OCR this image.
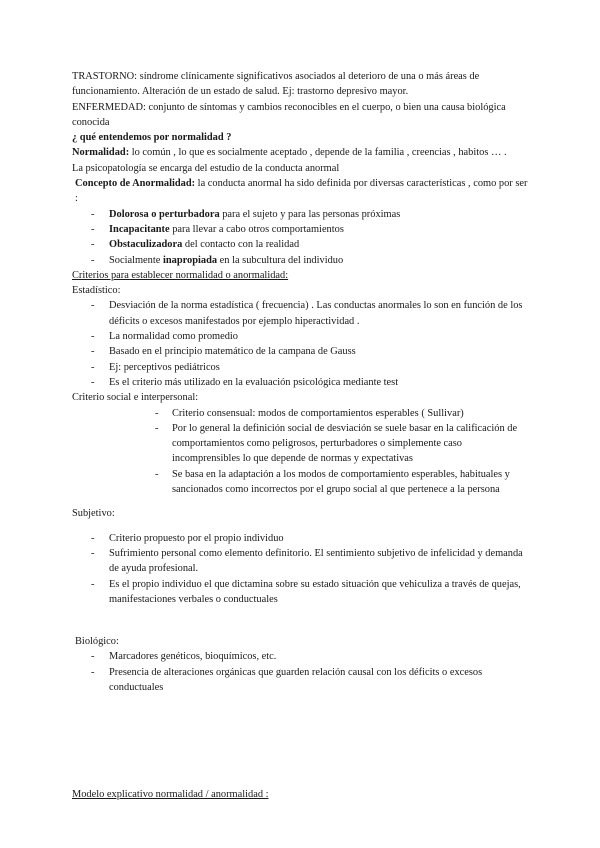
TRASTORNO: síndrome clínicamente significativos asociados al deterioro de una o más áreas de funcionamiento. Alteración de un estado de salud. Ej: trastorno depresivo mayor.

ENFERMEDAD: conjunto de síntomas y cambios reconocibles en el cuerpo, o bien una causa biológica conocida

¿ qué entendemos por normalidad ?

Normalidad: lo común , lo que es socialmente aceptado , depende de la familia , creencias , habitos … .

La psicopatología se encarga del estudio de la conducta anormal

Concepto de Anormalidad: la conducta anormal ha sido definida por diversas características , como por ser :

- Dolorosa o perturbadora para el sujeto y para las personas próximas
- Incapacitante para llevar a cabo otros comportamientos
- Obstaculizadora del contacto con la realidad
- Socialmente inapropiada en la subcultura del individuo

Criterios para establecer normalidad o anormalidad:

Estadístico:

- Desviación de la norma estadística ( frecuencia) . Las conductas anormales lo son en función de los déficits o excesos manifestados por ejemplo hiperactividad .
- La normalidad como promedio
- Basado en el principio matemático de la campana de Gauss
- Ej: perceptivos pediátricos
- Es el criterio más utilizado en la evaluación psicológica mediante test

Criterio social e interpersonal:

- Criterio consensual: modos de comportamientos esperables ( Sullivar)
- Por lo general la definición social de desviación se suele basar en la calificación de comportamientos como peligrosos, perturbadores o simplemente caso incomprensibles lo que depende de normas y expectativas
- Se basa en la adaptación a los modos de comportamiento esperables, habituales y sancionados como incorrectos por el grupo social al que pertenece a la persona

Subjetivo:

- Criterio propuesto por el propio individuo
- Sufrimiento personal como elemento definitorio. El sentimiento subjetivo de infelicidad y demanda de ayuda profesional.
- Es el propio individuo el que dictamina sobre su estado situación que vehiculiza a través de quejas, manifestaciones verbales o conductuales

Biológico:

- Marcadores genéticos, bioquímicos, etc.
- Presencia de alteraciones orgánicas que guarden relación causal con los déficits o excesos conductuales

Modelo explicativo normalidad / anormalidad :
